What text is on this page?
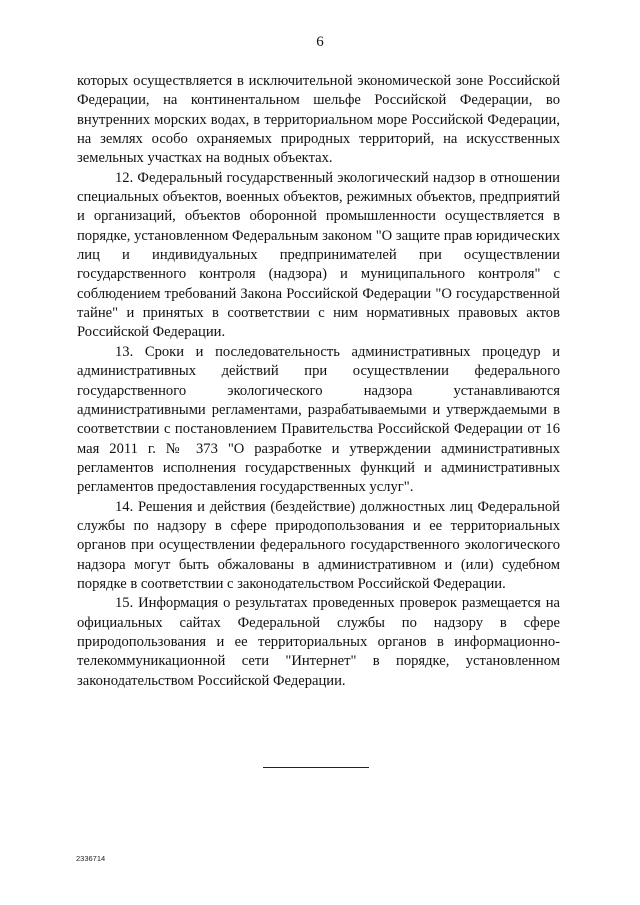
6

которых осуществляется в исключительной экономической зоне Российской Федерации, на континентальном шельфе Российской Федерации, во внутренних морских водах, в территориальном море Российской Федерации, на землях особо охраняемых природных территорий, на искусственных земельных участках на водных объектах.

12. Федеральный государственный экологический надзор в отношении специальных объектов, военных объектов, режимных объектов, предприятий и организаций, объектов оборонной промышленности осуществляется в порядке, установленном Федеральным законом "О защите прав юридических лиц и индивидуальных предпринимателей при осуществлении государственного контроля (надзора) и муниципального контроля" с соблюдением требований Закона Российской Федерации "О государственной тайне" и принятых в соответствии с ним нормативных правовых актов Российской Федерации.

13. Сроки и последовательность административных процедур и административных действий при осуществлении федерального государственного экологического надзора устанавливаются административными регламентами, разрабатываемыми и утверждаемыми в соответствии с постановлением Правительства Российской Федерации от 16 мая 2011 г. № 373 "О разработке и утверждении административных регламентов исполнения государственных функций и административных регламентов предоставления государственных услуг".

14. Решения и действия (бездействие) должностных лиц Федеральной службы по надзору в сфере природопользования и ее территориальных органов при осуществлении федерального государственного экологического надзора могут быть обжалованы в административном и (или) судебном порядке в соответствии с законодательством Российской Федерации.

15. Информация о результатах проведенных проверок размещается на официальных сайтах Федеральной службы по надзору в сфере природопользования и ее территориальных органов в информационно-телекоммуникационной сети "Интернет" в порядке, установленном законодательством Российской Федерации.

2336714
